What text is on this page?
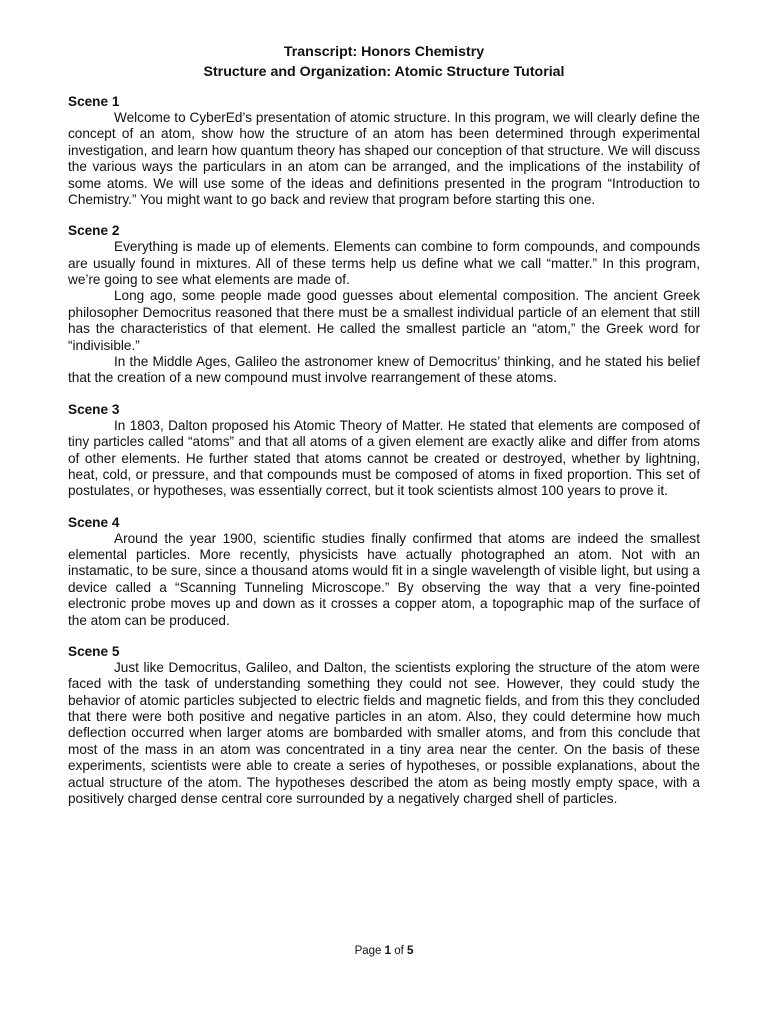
Transcript: Honors Chemistry

Structure and Organization: Atomic Structure Tutorial

Scene 1

Welcome to CyberEd’s presentation of atomic structure. In this program, we will clearly define the concept of an atom, show how the structure of an atom has been determined through experimental investigation, and learn how quantum theory has shaped our conception of that structure. We will discuss the various ways the particulars in an atom can be arranged, and the implications of the instability of some atoms. We will use some of the ideas and definitions presented in the program “Introduction to Chemistry.” You might want to go back and review that program before starting this one.

Scene 2

Everything is made up of elements. Elements can combine to form compounds, and compounds are usually found in mixtures. All of these terms help us define what we call “matter.” In this program, we’re going to see what elements are made of.

Long ago, some people made good guesses about elemental composition. The ancient Greek philosopher Democritus reasoned that there must be a smallest individual particle of an element that still has the characteristics of that element. He called the smallest particle an “atom,” the Greek word for “indivisible.”

In the Middle Ages, Galileo the astronomer knew of Democritus’ thinking, and he stated his belief that the creation of a new compound must involve rearrangement of these atoms.

Scene 3

In 1803, Dalton proposed his Atomic Theory of Matter. He stated that elements are composed of tiny particles called “atoms” and that all atoms of a given element are exactly alike and differ from atoms of other elements. He further stated that atoms cannot be created or destroyed, whether by lightning, heat, cold, or pressure, and that compounds must be composed of atoms in fixed proportion. This set of postulates, or hypotheses, was essentially correct, but it took scientists almost 100 years to prove it.

Scene 4

Around the year 1900, scientific studies finally confirmed that atoms are indeed the smallest elemental particles. More recently, physicists have actually photographed an atom. Not with an instamatic, to be sure, since a thousand atoms would fit in a single wavelength of visible light, but using a device called a “Scanning Tunneling Microscope.” By observing the way that a very fine-pointed electronic probe moves up and down as it crosses a copper atom, a topographic map of the surface of the atom can be produced.

Scene 5

Just like Democritus, Galileo, and Dalton, the scientists exploring the structure of the atom were faced with the task of understanding something they could not see. However, they could study the behavior of atomic particles subjected to electric fields and magnetic fields, and from this they concluded that there were both positive and negative particles in an atom. Also, they could determine how much deflection occurred when larger atoms are bombarded with smaller atoms, and from this conclude that most of the mass in an atom was concentrated in a tiny area near the center. On the basis of these experiments, scientists were able to create a series of hypotheses, or possible explanations, about the actual structure of the atom. The hypotheses described the atom as being mostly empty space, with a positively charged dense central core surrounded by a negatively charged shell of particles.

Page 1 of 5
